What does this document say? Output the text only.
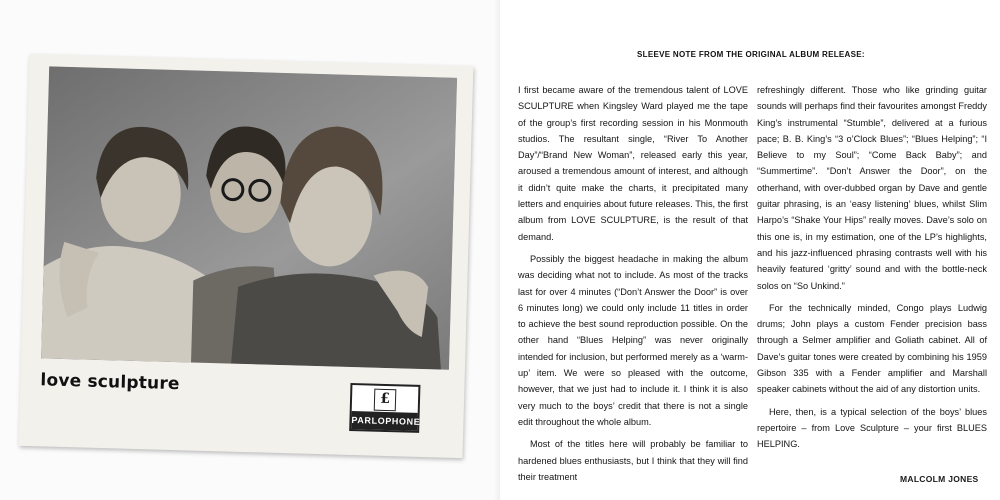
love sculpture
£
PARLOPHONE
SLEEVE NOTE FROM THE ORIGINAL ALBUM RELEASE:

I first became aware of the tremendous talent of LOVE SCULPTURE when Kingsley Ward played me the tape of the group’s first recording session in his Monmouth studios. The resultant single, “River To Another Day”/“Brand New Woman”, released early this year, aroused a tremendous amount of interest, and although it didn’t quite make the charts, it precipitated many letters and enquiries about future releases. This, the first album from LOVE SCULPTURE, is the result of that demand.

Possibly the biggest headache in making the album was deciding what not to include. As most of the tracks last for over 4 minutes (“Don’t Answer the Door” is over 6 minutes long) we could only include 11 titles in order to achieve the best sound reproduction possible. On the other hand “Blues Helping” was never originally intended for inclusion, but performed merely as a ‘warm-up’ item. We were so pleased with the outcome, however, that we just had to include it. I think it is also very much to the boys’ credit that there is not a single edit throughout the whole album.

Most of the titles here will probably be familiar to hardened blues enthusiasts, but I think that they will find their treatment

refreshingly different. Those who like grinding guitar sounds will perhaps find their favourites amongst Freddy King’s instrumental “Stumble”, delivered at a furious pace; B. B. King’s “3 o’Clock Blues”; “Blues Helping”; “I Believe to my Soul”; “Come Back Baby”; and “Summertime”. “Don’t Answer the Door”, on the otherhand, with over-dubbed organ by Dave and gentle guitar phrasing, is an ‘easy listening’ blues, whilst Slim Harpo’s “Shake Your Hips” really moves. Dave’s solo on this one is, in my estimation, one of the LP’s highlights, and his jazz-influenced phrasing contrasts well with his heavily featured ‘gritty’ sound and with the bottle-neck solos on “So Unkind.”

For the technically minded, Congo plays Ludwig drums; John plays a custom Fender precision bass through a Selmer amplifier and Goliath cabinet. All of Dave’s guitar tones were created by combining his 1959 Gibson 335 with a Fender amplifier and Marshall speaker cabinets without the aid of any distortion units.

Here, then, is a typical selection of the boys’ blues repertoire – from Love Sculpture – your first BLUES HELPING.

MALCOLM JONES
